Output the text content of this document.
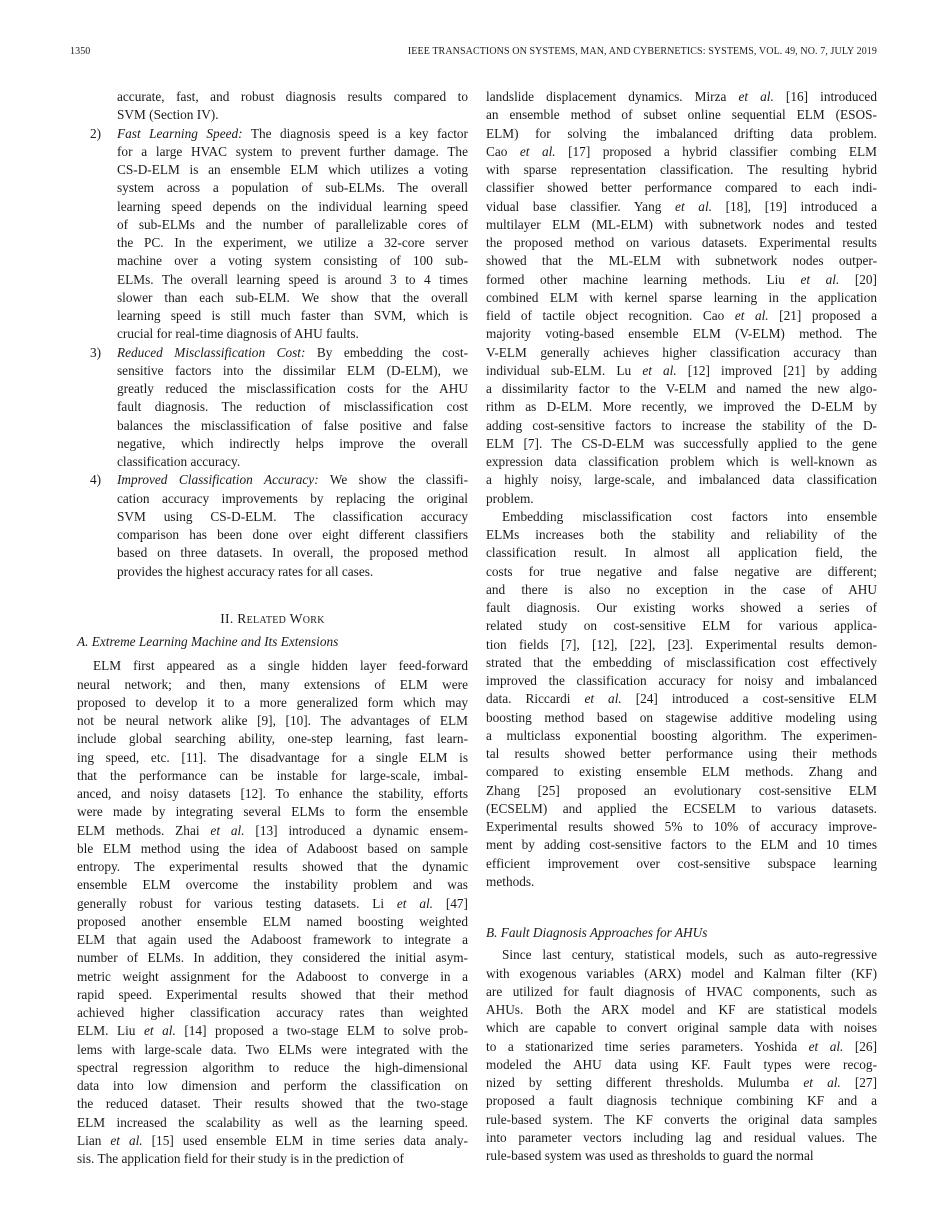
1350	IEEE TRANSACTIONS ON SYSTEMS, MAN, AND CYBERNETICS: SYSTEMS, VOL. 49, NO. 7, JULY 2019
accurate, fast, and robust diagnosis results compared to
SVM (Section IV).
2) Fast Learning Speed: The diagnosis speed is a key factor
for a large HVAC system to prevent further damage. The
CS-D-ELM is an ensemble ELM which utilizes a voting
system across a population of sub-ELMs. The overall
learning speed depends on the individual learning speed
of sub-ELMs and the number of parallelizable cores of
the PC. In the experiment, we utilize a 32-core server
machine over a voting system consisting of 100 sub-
ELMs. The overall learning speed is around 3 to 4 times
slower than each sub-ELM. We show that the overall
learning speed is still much faster than SVM, which is
crucial for real-time diagnosis of AHU faults.
3) Reduced Misclassification Cost: By embedding the cost-
sensitive factors into the dissimilar ELM (D-ELM), we
greatly reduced the misclassification costs for the AHU
fault diagnosis. The reduction of misclassification cost
balances the misclassification of false positive and false
negative, which indirectly helps improve the overall
classification accuracy.
4) Improved Classification Accuracy: We show the classifi-
cation accuracy improvements by replacing the original
SVM using CS-D-ELM. The classification accuracy
comparison has been done over eight different classifiers
based on three datasets. In overall, the proposed method
provides the highest accuracy rates for all cases.
II. Related Work
A. Extreme Learning Machine and Its Extensions
ELM first appeared as a single hidden layer feed-forward
neural network; and then, many extensions of ELM were
proposed to develop it to a more generalized form which may
not be neural network alike [9], [10]. The advantages of ELM
include global searching ability, one-step learning, fast learn-
ing speed, etc. [11]. The disadvantage for a single ELM is
that the performance can be instable for large-scale, imbal-
anced, and noisy datasets [12]. To enhance the stability, efforts
were made by integrating several ELMs to form the ensemble
ELM methods. Zhai et al. [13] introduced a dynamic ensem-
ble ELM method using the idea of Adaboost based on sample
entropy. The experimental results showed that the dynamic
ensemble ELM overcome the instability problem and was
generally robust for various testing datasets. Li et al. [47]
proposed another ensemble ELM named boosting weighted
ELM that again used the Adaboost framework to integrate a
number of ELMs. In addition, they considered the initial asym-
metric weight assignment for the Adaboost to converge in a
rapid speed. Experimental results showed that their method
achieved higher classification accuracy rates than weighted
ELM. Liu et al. [14] proposed a two-stage ELM to solve prob-
lems with large-scale data. Two ELMs were integrated with the
spectral regression algorithm to reduce the high-dimensional
data into low dimension and perform the classification on
the reduced dataset. Their results showed that the two-stage
ELM increased the scalability as well as the learning speed.
Lian et al. [15] used ensemble ELM in time series data analy-
sis. The application field for their study is in the prediction of
landslide displacement dynamics. Mirza et al. [16] introduced
an ensemble method of subset online sequential ELM (ESOS-
ELM) for solving the imbalanced drifting data problem.
Cao et al. [17] proposed a hybrid classifier combing ELM
with sparse representation classification. The resulting hybrid
classifier showed better performance compared to each indi-
vidual base classifier. Yang et al. [18], [19] introduced a
multilayer ELM (ML-ELM) with subnetwork nodes and tested
the proposed method on various datasets. Experimental results
showed that the ML-ELM with subnetwork nodes outper-
formed other machine learning methods. Liu et al. [20]
combined ELM with kernel sparse learning in the application
field of tactile object recognition. Cao et al. [21] proposed a
majority voting-based ensemble ELM (V-ELM) method. The
V-ELM generally achieves higher classification accuracy than
individual sub-ELM. Lu et al. [12] improved [21] by adding
a dissimilarity factor to the V-ELM and named the new algo-
rithm as D-ELM. More recently, we improved the D-ELM by
adding cost-sensitive factors to increase the stability of the D-
ELM [7]. The CS-D-ELM was successfully applied to the gene
expression data classification problem which is well-known as
a highly noisy, large-scale, and imbalanced data classification
problem.
Embedding misclassification cost factors into ensemble
ELMs increases both the stability and reliability of the
classification result. In almost all application field, the
costs for true negative and false negative are different;
and there is also no exception in the case of AHU
fault diagnosis. Our existing works showed a series of
related study on cost-sensitive ELM for various applica-
tion fields [7], [12], [22], [23]. Experimental results demon-
strated that the embedding of misclassification cost effectively
improved the classification accuracy for noisy and imbalanced
data. Riccardi et al. [24] introduced a cost-sensitive ELM
boosting method based on stagewise additive modeling using
a multiclass exponential boosting algorithm. The experimen-
tal results showed better performance using their methods
compared to existing ensemble ELM methods. Zhang and
Zhang [25] proposed an evolutionary cost-sensitive ELM
(ECSELM) and applied the ECSELM to various datasets.
Experimental results showed 5% to 10% of accuracy improve-
ment by adding cost-sensitive factors to the ELM and 10 times
efficient improvement over cost-sensitive subspace learning
methods.
B. Fault Diagnosis Approaches for AHUs
Since last century, statistical models, such as auto-regressive
with exogenous variables (ARX) model and Kalman filter (KF)
are utilized for fault diagnosis of HVAC components, such as
AHUs. Both the ARX model and KF are statistical models
which are capable to convert original sample data with noises
to a stationarized time series parameters. Yoshida et al. [26]
modeled the AHU data using KF. Fault types were recog-
nized by setting different thresholds. Mulumba et al. [27]
proposed a fault diagnosis technique combining KF and a
rule-based system. The KF converts the original data samples
into parameter vectors including lag and residual values. The
rule-based system was used as thresholds to guard the normal
